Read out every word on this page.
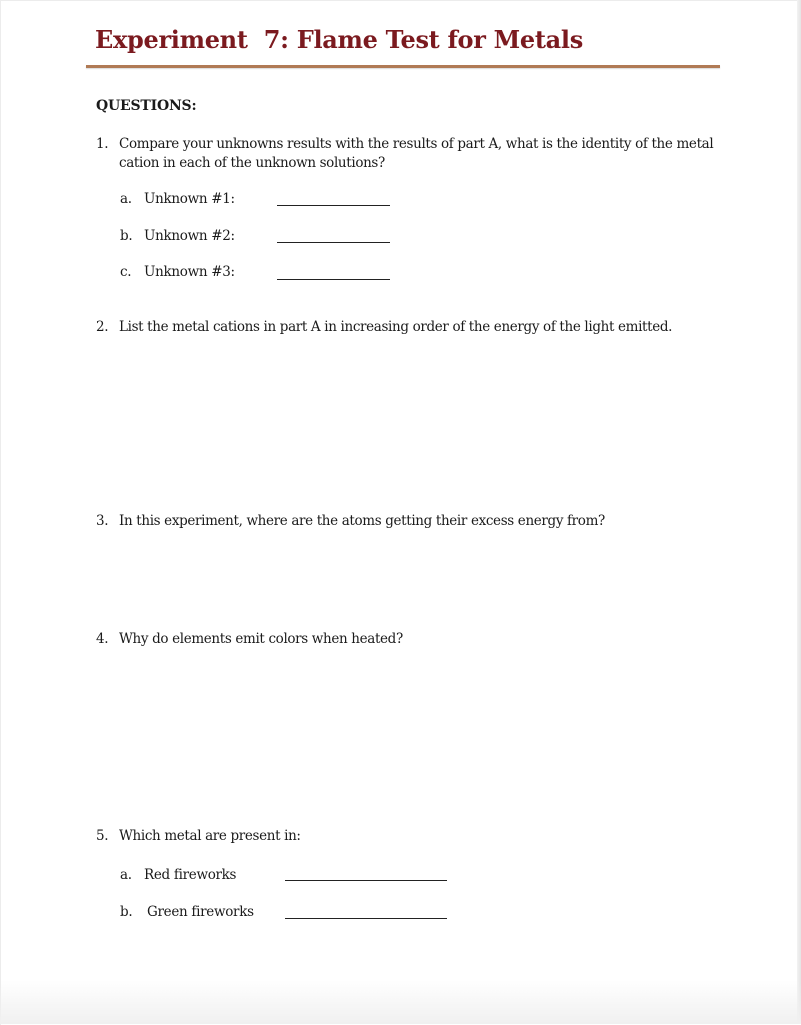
Experiment  7: Flame Test for Metals
QUESTIONS:
1. Compare your unknowns results with the results of part A, what is the identity of the metal
cation in each of the unknown solutions?
a. Unknown #1:
b. Unknown #2:
c. Unknown #3:
2. List the metal cations in part A in increasing order of the energy of the light emitted.
3. In this experiment, where are the atoms getting their excess energy from?
4. Why do elements emit colors when heated?
5. Which metal are present in:
a. Red fireworks
b. Green fireworks
